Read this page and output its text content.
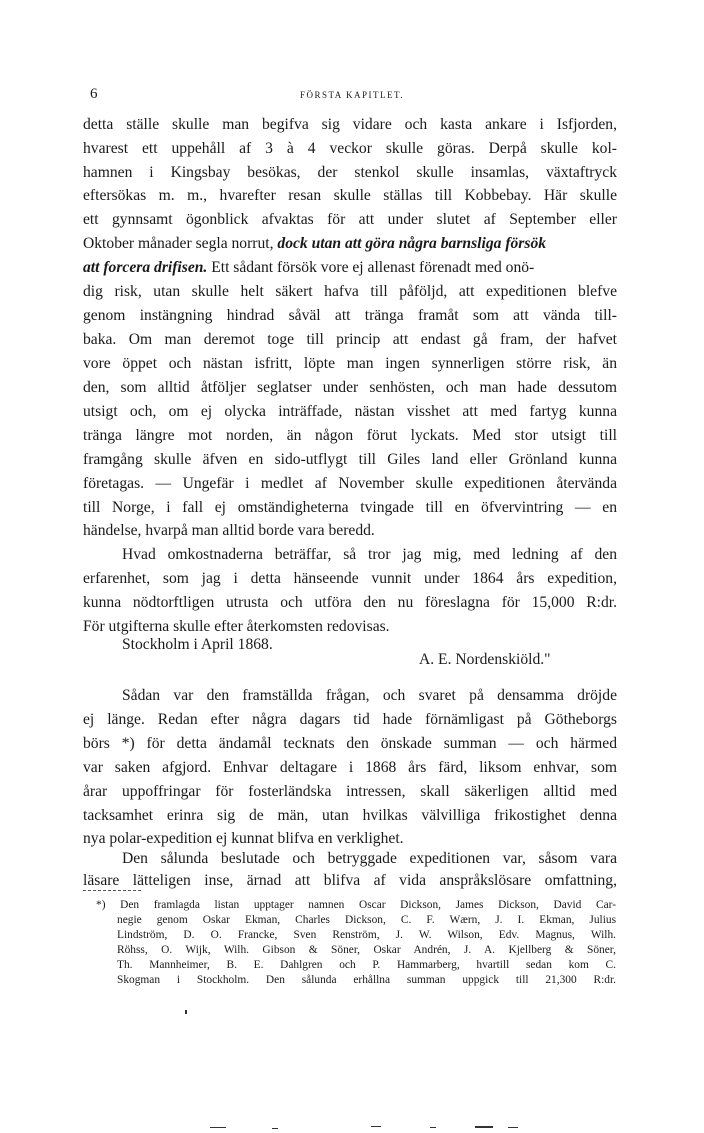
6	FÖRSTA KAPITLET.
detta ställe skulle man begifva sig vidare och kasta ankare i Isfjorden,
hvarest ett uppehåll af 3 à 4 veckor skulle göras. Derpå skulle kol-
hamnen i Kingsbay besökas, der stenkol skulle insamlas, växtaftryck
eftersökas m. m., hvarefter resan skulle ställas till Kobbebay. Här skulle
ett gynnsamt ögonblick afvaktas för att under slutet af September eller
Oktober månader segla norrut, dock utan att göra några barnsliga försök
att forcera drifisen. Ett sådant försök vore ej allenast förenadt med onö-
dig risk, utan skulle helt säkert hafva till påföljd, att expeditionen blefve
genom instängning hindrad såväl att tränga framåt som att vända till-
baka. Om man deremot toge till princip att endast gå fram, der hafvet
vore öppet och nästan isfritt, löpte man ingen synnerligen större risk, än
den, som alltid åtföljer seglatser under senhösten, och man hade dessutom
utsigt och, om ej olycka inträffade, nästan visshet att med fartyg kunna
tränga längre mot norden, än någon förut lyckats. Med stor utsigt till
framgång skulle äfven en sido-utflygt till Giles land eller Grönland kunna
företagas. — Ungefär i medlet af November skulle expeditionen återvända
till Norge, i fall ej omständigheterna tvingade till en öfvervintring — en
händelse, hvarpå man alltid borde vara beredd.
Hvad omkostnaderna beträffar, så tror jag mig, med ledning af den
erfarenhet, som jag i detta hänseende vunnit under 1864 års expedition,
kunna nödtorftligen utrusta och utföra den nu föreslagna för 15,000 R:dr.
För utgifterna skulle efter återkomsten redovisas.
Stockholm i April 1868.
A. E. Nordenskiöld."
Sådan var den framställda frågan, och svaret på densamma dröjde
ej länge. Redan efter några dagars tid hade förnämligast på Götheborgs
börs *) för detta ändamål tecknats den önskade summan — och härmed
var saken afgjord. Enhvar deltagare i 1868 års färd, liksom enhvar, som
årar uppoffringar för fosterländska intressen, skall säkerligen alltid med
tacksamhet erinra sig de män, utan hvilkas välvilliga frikostighet denna
nya polar-expedition ej kunnat blifva en verklighet.
Den sålunda beslutade och betryggade expeditionen var, såsom vara
läsare lätteligen inse, ärnad att blifva af vida anspråkslösare omfattning,
*) Den framlagda listan upptager namnen Oscar Dickson, James Dickson, David Car-
negie genom Oskar Ekman, Charles Dickson, C. F. Wærn, J. I. Ekman, Julius
Lindström, D. O. Francke, Sven Renström, J. W. Wilson, Edv. Magnus, Wilh.
Röhss, O. Wijk, Wilh. Gibson & Söner, Oskar Andrén, J. A. Kjellberg & Söner,
Th. Mannheimer, B. E. Dahlgren och P. Hammarberg, hvartill sedan kom C.
Skogman i Stockholm. Den sålunda erhållna summan uppgick till 21,300 R:dr.
